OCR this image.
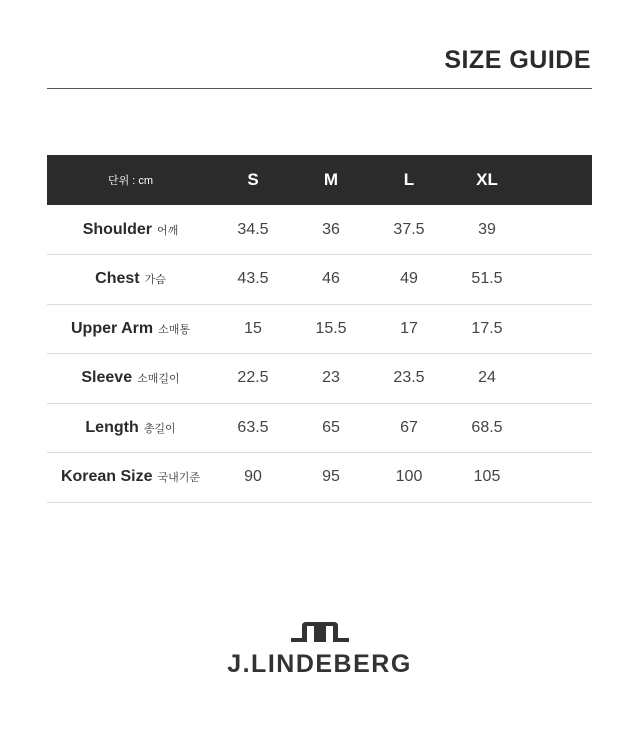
SIZE GUIDE
단위 : cm	S	M	L	XL	
Shoulder 어깨	34.5	36	37.5	39	
Chest 가슴	43.5	46	49	51.5	
Upper Arm 소매통	15	15.5	17	17.5	
Sleeve 소매길이	22.5	23	23.5	24	
Length 총길이	63.5	65	67	68.5	
Korean Size 국내기준	90	95	100	105	
J.LINDEBERG
